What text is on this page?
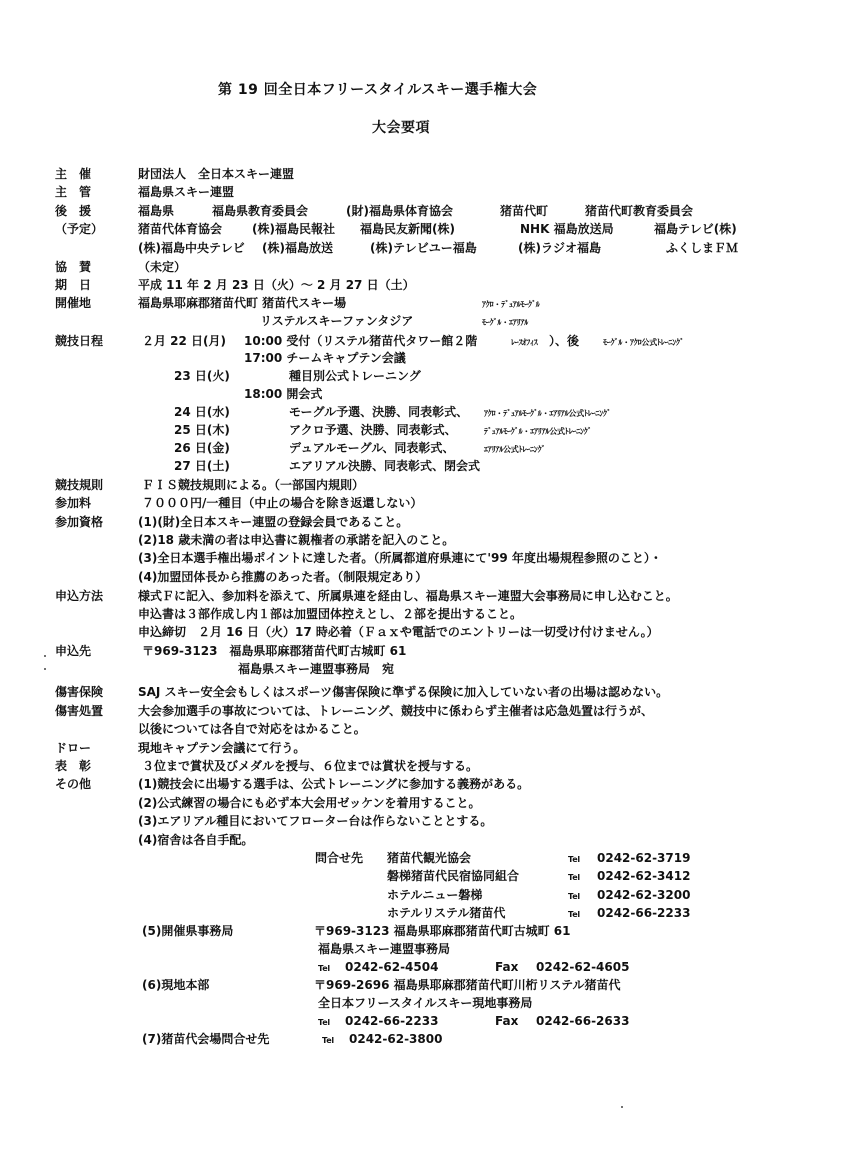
第 19 回全日本フリースタイルスキー選手権大会
大会要項
主　催	財団法人　全日本スキー連盟
主　管	福島県スキー連盟
後　援	福島県	福島県教育委員会	(財)福島県体育協会	猪苗代町	猪苗代町教育委員会
（予定）	猪苗代体育協会 (株)福島民報社 福島民友新聞(株)	NHK 福島放送局	福島テレビ(株)
(株)福島中央テレビ (株)福島放送	(株)テレビユー福島	(株)ラジオ福島	ふくしまＦＭ
協　賛	（未定）
期　日	平成 11 年 2 月 23 日（火）～ 2 月 27 日（土）
開催地	福島県耶麻郡猪苗代町 猪苗代スキー場	ｱｸﾛ・ﾃﾞｭｱﾙﾓｰｸﾞﾙ
リステルスキーファンタジア	ﾓｰｸﾞﾙ・ｴｱﾘｱﾙ
競技日程	２月 22 日(月) 10:00 受付（リステル猪苗代タワー館２階	ﾚｰｽｵﾌｨｽ ）、後	ﾓｰｸﾞﾙ・ｱｸﾛ公式ﾄﾚｰﾆﾝｸﾞ
17:00 チームキャプテン会議
23 日(火)	種目別公式トレーニング
18:00 開会式
24 日(水)	モーグル予選、決勝、同表彰式、 ｱｸﾛ・ﾃﾞｭｱﾙﾓｰｸﾞﾙ・ｴｱﾘｱﾙ公式ﾄﾚｰﾆﾝｸﾞ
25 日(木)	アクロ予選、決勝、同表彰式、	ﾃﾞｭｱﾙﾓｰｸﾞﾙ・ｴｱﾘｱﾙ公式ﾄﾚｰﾆﾝｸﾞ
26 日(金)	デュアルモーグル、同表彰式、	ｴｱﾘｱﾙ公式ﾄﾚｰﾆﾝｸﾞ
27 日(土)	エアリアル決勝、同表彰式、閉会式
競技規則	ＦＩＳ競技規則による。（一部国内規則）
参加料	７０００円/一種目（中止の場合を除き返還しない）
参加資格	(1)(財)全日本スキー連盟の登録会員であること。
(2)18 歳未満の者は申込書に親権者の承諾を記入のこと。
(3)全日本選手権出場ポイントに達した者。（所属都道府県連にて'99 年度出場規程参照のこと）・
(4)加盟団体長から推薦のあった者。（制限規定あり）
申込方法	様式Ｆに記入、参加料を添えて、所属県連を経由し、福島県スキー連盟大会事務局に申し込むこと。
申込書は３部作成し内１部は加盟団体控えとし、２部を提出すること。
申込締切　２月 16 日（火）17 時必着（Ｆａｘや電話でのエントリーは一切受け付けません。）
申込先	〒969-3123　福島県耶麻郡猪苗代町古城町 61
福島県スキー連盟事務局　宛
傷害保険	SAJ スキー安全会もしくはスポーツ傷害保険に準ずる保険に加入していない者の出場は認めない。
傷害処置	大会参加選手の事故については、トレーニング、競技中に係わらず主催者は応急処置は行うが、
以後については各自で対応をはかること。
ドロー	現地キャプテン会議にて行う。
表　彰	３位まで賞状及びメダルを授与、６位までは賞状を授与する。
その他	(1)競技会に出場する選手は、公式トレーニングに参加する義務がある。
(2)公式練習の場合にも必ず本大会用ゼッケンを着用すること。
(3)エアリアル種目においてフローター台は作らないこととする。
(4)宿舎は各自手配。
問合せ先 猪苗代観光協会	Tel 0242-62-3719
磐梯猪苗代民宿協同組合	Tel 0242-62-3412
ホテルニュー磐梯	Tel 0242-62-3200
ホテルリステル猪苗代	Tel 0242-66-2233
(5)開催県事務局	〒969-3123 福島県耶麻郡猪苗代町古城町 61
福島県スキー連盟事務局
Tel 0242-62-4504	Fax 0242-62-4605
(6)現地本部	〒969-2696 福島県耶麻郡猪苗代町川桁リステル猪苗代
全日本フリースタイルスキー現地事務局
Tel 0242-66-2233	Fax 0242-66-2633
(7)猪苗代会場問合せ先	Tel 0242-62-3800
